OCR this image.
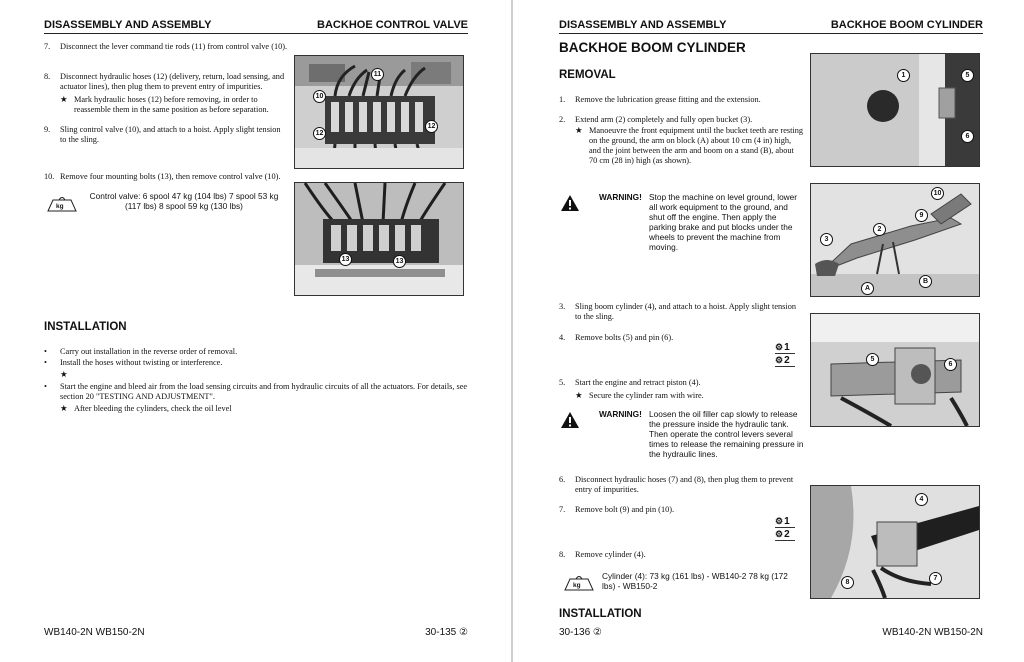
DISASSEMBLY AND ASSEMBLY	BACKHOE CONTROL VALVE
7. Disconnect the lever command tie rods (11) from control valve (10).
8. Disconnect hydraulic hoses (12) (delivery, return, load sensing, and actuator lines), then plug them to prevent entry of impurities.
★ Mark hydraulic hoses (12) before removing, in order to reassemble them in the same position as before separation.
9. Sling control valve (10), and attach to a hoist. Apply slight tension to the sling.
10. Remove four mounting bolts (13), then remove control valve (10).
kg
Control valve: 6 spool 47 kg (104 lbs) 7 spool 53 kg (117 lbs) 8 spool 59 kg (130 lbs)
11
10
12
12
13	13
INSTALLATION
• Carry out installation in the reverse order of removal.
• Install the hoses without twisting or interference.
★
• Start the engine and bleed air from the load sensing circuits and from hydraulic circuits of all the actuators. For details, see section 20 "TESTING AND ADJUSTMENT".
★ After bleeding the cylinders, check the oil level
WB140-2N WB150-2N	30-135 ②
DISASSEMBLY AND ASSEMBLY	BACKHOE BOOM CYLINDER
BACKHOE BOOM CYLINDER
REMOVAL
1. Remove the lubrication grease fitting and the extension.
2. Extend arm (2) completely and fully open bucket (3).
★ Manoeuvre the front equipment until the bucket teeth are resting on the ground, the arm on block (A) about 10 cm (4 in) high, and the joint between the arm and boom on a stand (B), about 70 cm (28 in) high (as shown).
WARNING! Stop the machine on level ground, lower all work equipment to the ground, and shut off the engine. Then apply the parking brake and put blocks under the wheels to prevent the machine from moving.
3. Sling boom cylinder (4), and attach to a hoist. Apply slight tension to the sling.
4. Remove bolts (5) and pin (6).
⚙1
⚙2
5. Start the engine and retract piston (4).
★ Secure the cylinder ram with wire.
WARNING! Loosen the oil filler cap slowly to release the pressure inside the hydraulic tank. Then operate the control levers several times to release the remaining pressure in the hydraulic lines.
6. Disconnect hydraulic hoses (7) and (8), then plug them to prevent entry of impurities.
7. Remove bolt (9) and pin (10).
⚙1
⚙2
8. Remove cylinder (4).
kg
Cylinder (4): 73 kg (161 lbs) - WB140-2 78 kg (172 lbs) - WB150-2
INSTALLATION
1	5
6
10
9
2
3
B
A
5
6
4
8
7
30-136 ②	WB140-2N WB150-2N
